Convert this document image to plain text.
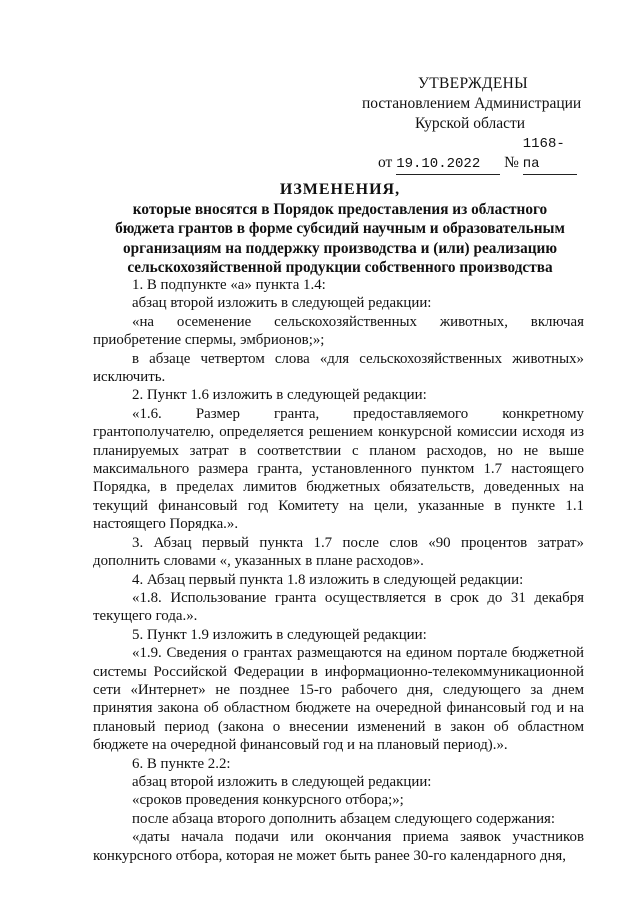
УТВЕРЖДЕНЫ
постановлением Администрации
Курской области
от 19.10.2022 № 1168-па
ИЗМЕНЕНИЯ,
которые вносятся в Порядок предоставления из областного
бюджета грантов в форме субсидий научным и образовательным
организациям на поддержку производства и (или) реализацию
сельскохозяйственной продукции собственного производства

1. В подпункте «а» пункта 1.4:

абзац второй изложить в следующей редакции:

«на осеменение сельскохозяйственных животных, включая приобретение спермы, эмбрионов;»;

в абзаце четвертом слова «для сельскохозяйственных животных» исключить.

2. Пункт 1.6 изложить в следующей редакции:

«1.6. Размер гранта, предоставляемого конкретному грантополучателю, определяется решением конкурсной комиссии исходя из планируемых затрат в соответствии с планом расходов, но не выше максимального размера гранта, установленного пунктом 1.7 настоящего Порядка, в пределах лимитов бюджетных обязательств, доведенных на текущий финансовый год Комитету на цели, указанные в пункте 1.1 настоящего Порядка.».

3. Абзац первый пункта 1.7 после слов «90 процентов затрат» дополнить словами «, указанных в плане расходов».

4. Абзац первый пункта 1.8 изложить в следующей редакции:

«1.8. Использование гранта осуществляется в срок до 31 декабря текущего года.».

5. Пункт 1.9 изложить в следующей редакции:

«1.9. Сведения о грантах размещаются на едином портале бюджетной системы Российской Федерации в информационно-телекоммуникационной сети «Интернет» не позднее 15-го рабочего дня, следующего за днем принятия закона об областном бюджете на очередной финансовый год и на плановый период (закона о внесении изменений в закон об областном бюджете на очередной финансовый год и на плановый период).».

6. В пункте 2.2:

абзац второй изложить в следующей редакции:

«сроков проведения конкурсного отбора;»;

после абзаца второго дополнить абзацем следующего содержания:

«даты начала подачи или окончания приема заявок участников конкурсного отбора, которая не может быть ранее 30-го календарного дня,
